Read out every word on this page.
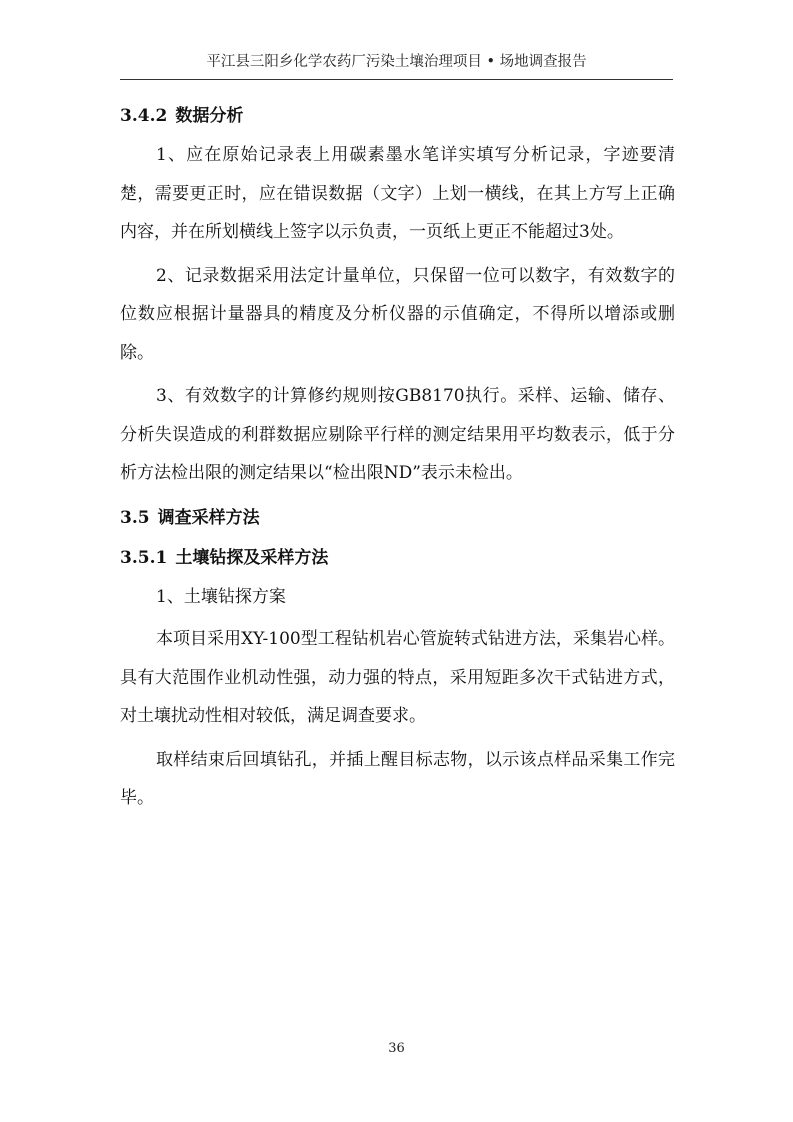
平江县三阳乡化学农药厂污染土壤治理项目 • 场地调查报告
3.4.2 数据分析

1、应在原始记录表上用碳素墨水笔详实填写分析记录，字迹要清楚，需要更正时，应在错误数据（文字）上划一横线，在其上方写上正确内容，并在所划横线上签字以示负责，一页纸上更正不能超过3处。

2、记录数据采用法定计量单位，只保留一位可以数字，有效数字的位数应根据计量器具的精度及分析仪器的示值确定，不得所以增添或删除。

3、有效数字的计算修约规则按GB8170执行。采样、运输、储存、分析失误造成的利群数据应剔除平行样的测定结果用平均数表示，低于分析方法检出限的测定结果以“检出限ND”表示未检出。

3.5 调查采样方法
3.5.1 土壤钻探及采样方法

1、土壤钻探方案

本项目采用XY-100型工程钻机岩心管旋转式钻进方法，采集岩心样。具有大范围作业机动性强，动力强的特点，采用短距多次干式钻进方式，对土壤扰动性相对较低，满足调查要求。

取样结束后回填钻孔，并插上醒目标志物，以示该点样品采集工作完毕。

36
